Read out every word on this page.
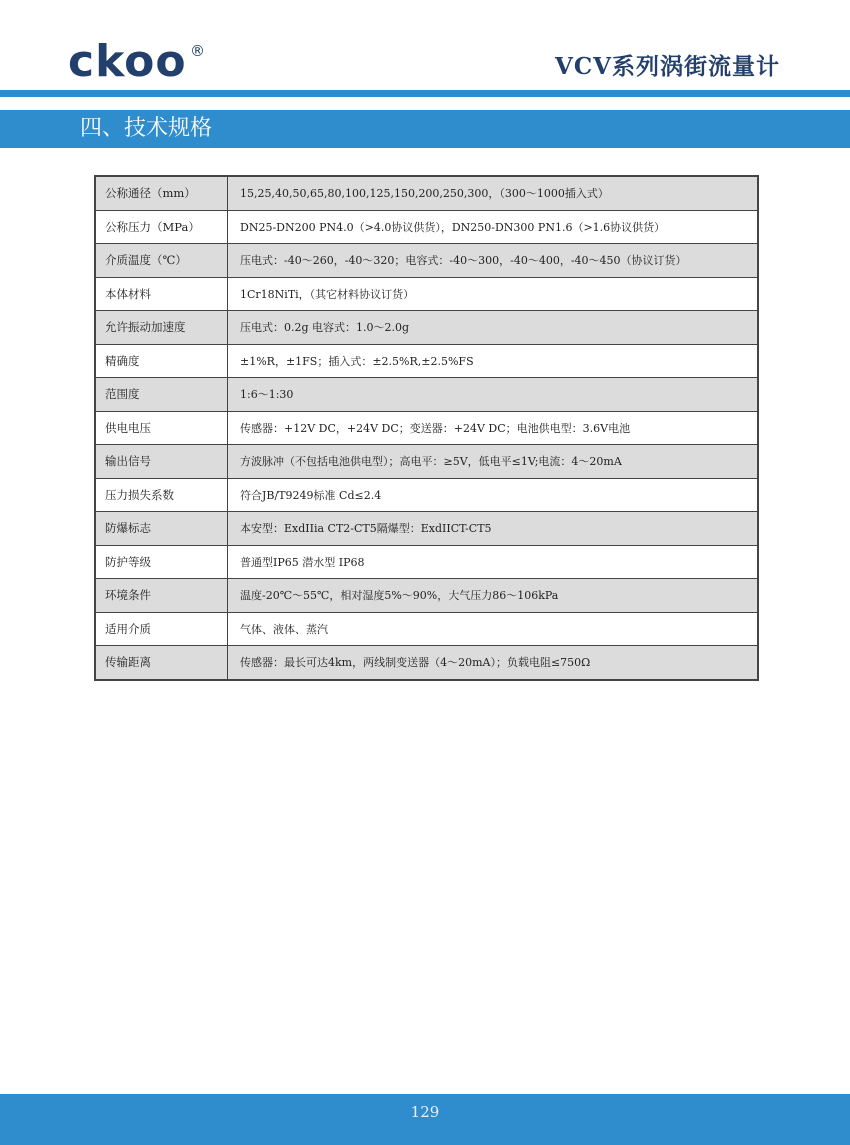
ckoo ®
VCV系列涡街流量计
四、技术规格
公称通径（mm）	15,25,40,50,65,80,100,125,150,200,250,300，（300～1000插入式）
公称压力（MPa）	DN25-DN200 PN4.0（>4.0协议供货），DN250-DN300 PN1.6（>1.6协议供货）
介质温度（℃）	压电式：-40～260，-40～320；电容式：-40～300，-40～400，-40～450（协议订货）
本体材料	1Cr18NiTi，（其它材料协议订货）
允许振动加速度	压电式：0.2g 电容式：1.0～2.0g
精确度	±1%R，±1FS；插入式：±2.5%R,±2.5%FS
范围度	1:6～1:30
供电电压	传感器：+12V DC，+24V DC；变送器：+24V DC；电池供电型：3.6V电池
输出信号	方波脉冲（不包括电池供电型）；高电平：≥5V，低电平≤1V;电流：4～20mA
压力损失系数	符合JB/T9249标准 Cd≤2.4
防爆标志	本安型：ExdIIia CT2-CT5隔爆型：ExdIICT-CT5
防护等级	普通型IP65 潜水型 IP68
环境条件	温度-20℃～55℃，相对湿度5%～90%，大气压力86～106kPa
适用介质	气体、液体、蒸汽
传输距离	传感器：最长可达4km，两线制变送器（4～20mA）；负载电阻≤750Ω
129
